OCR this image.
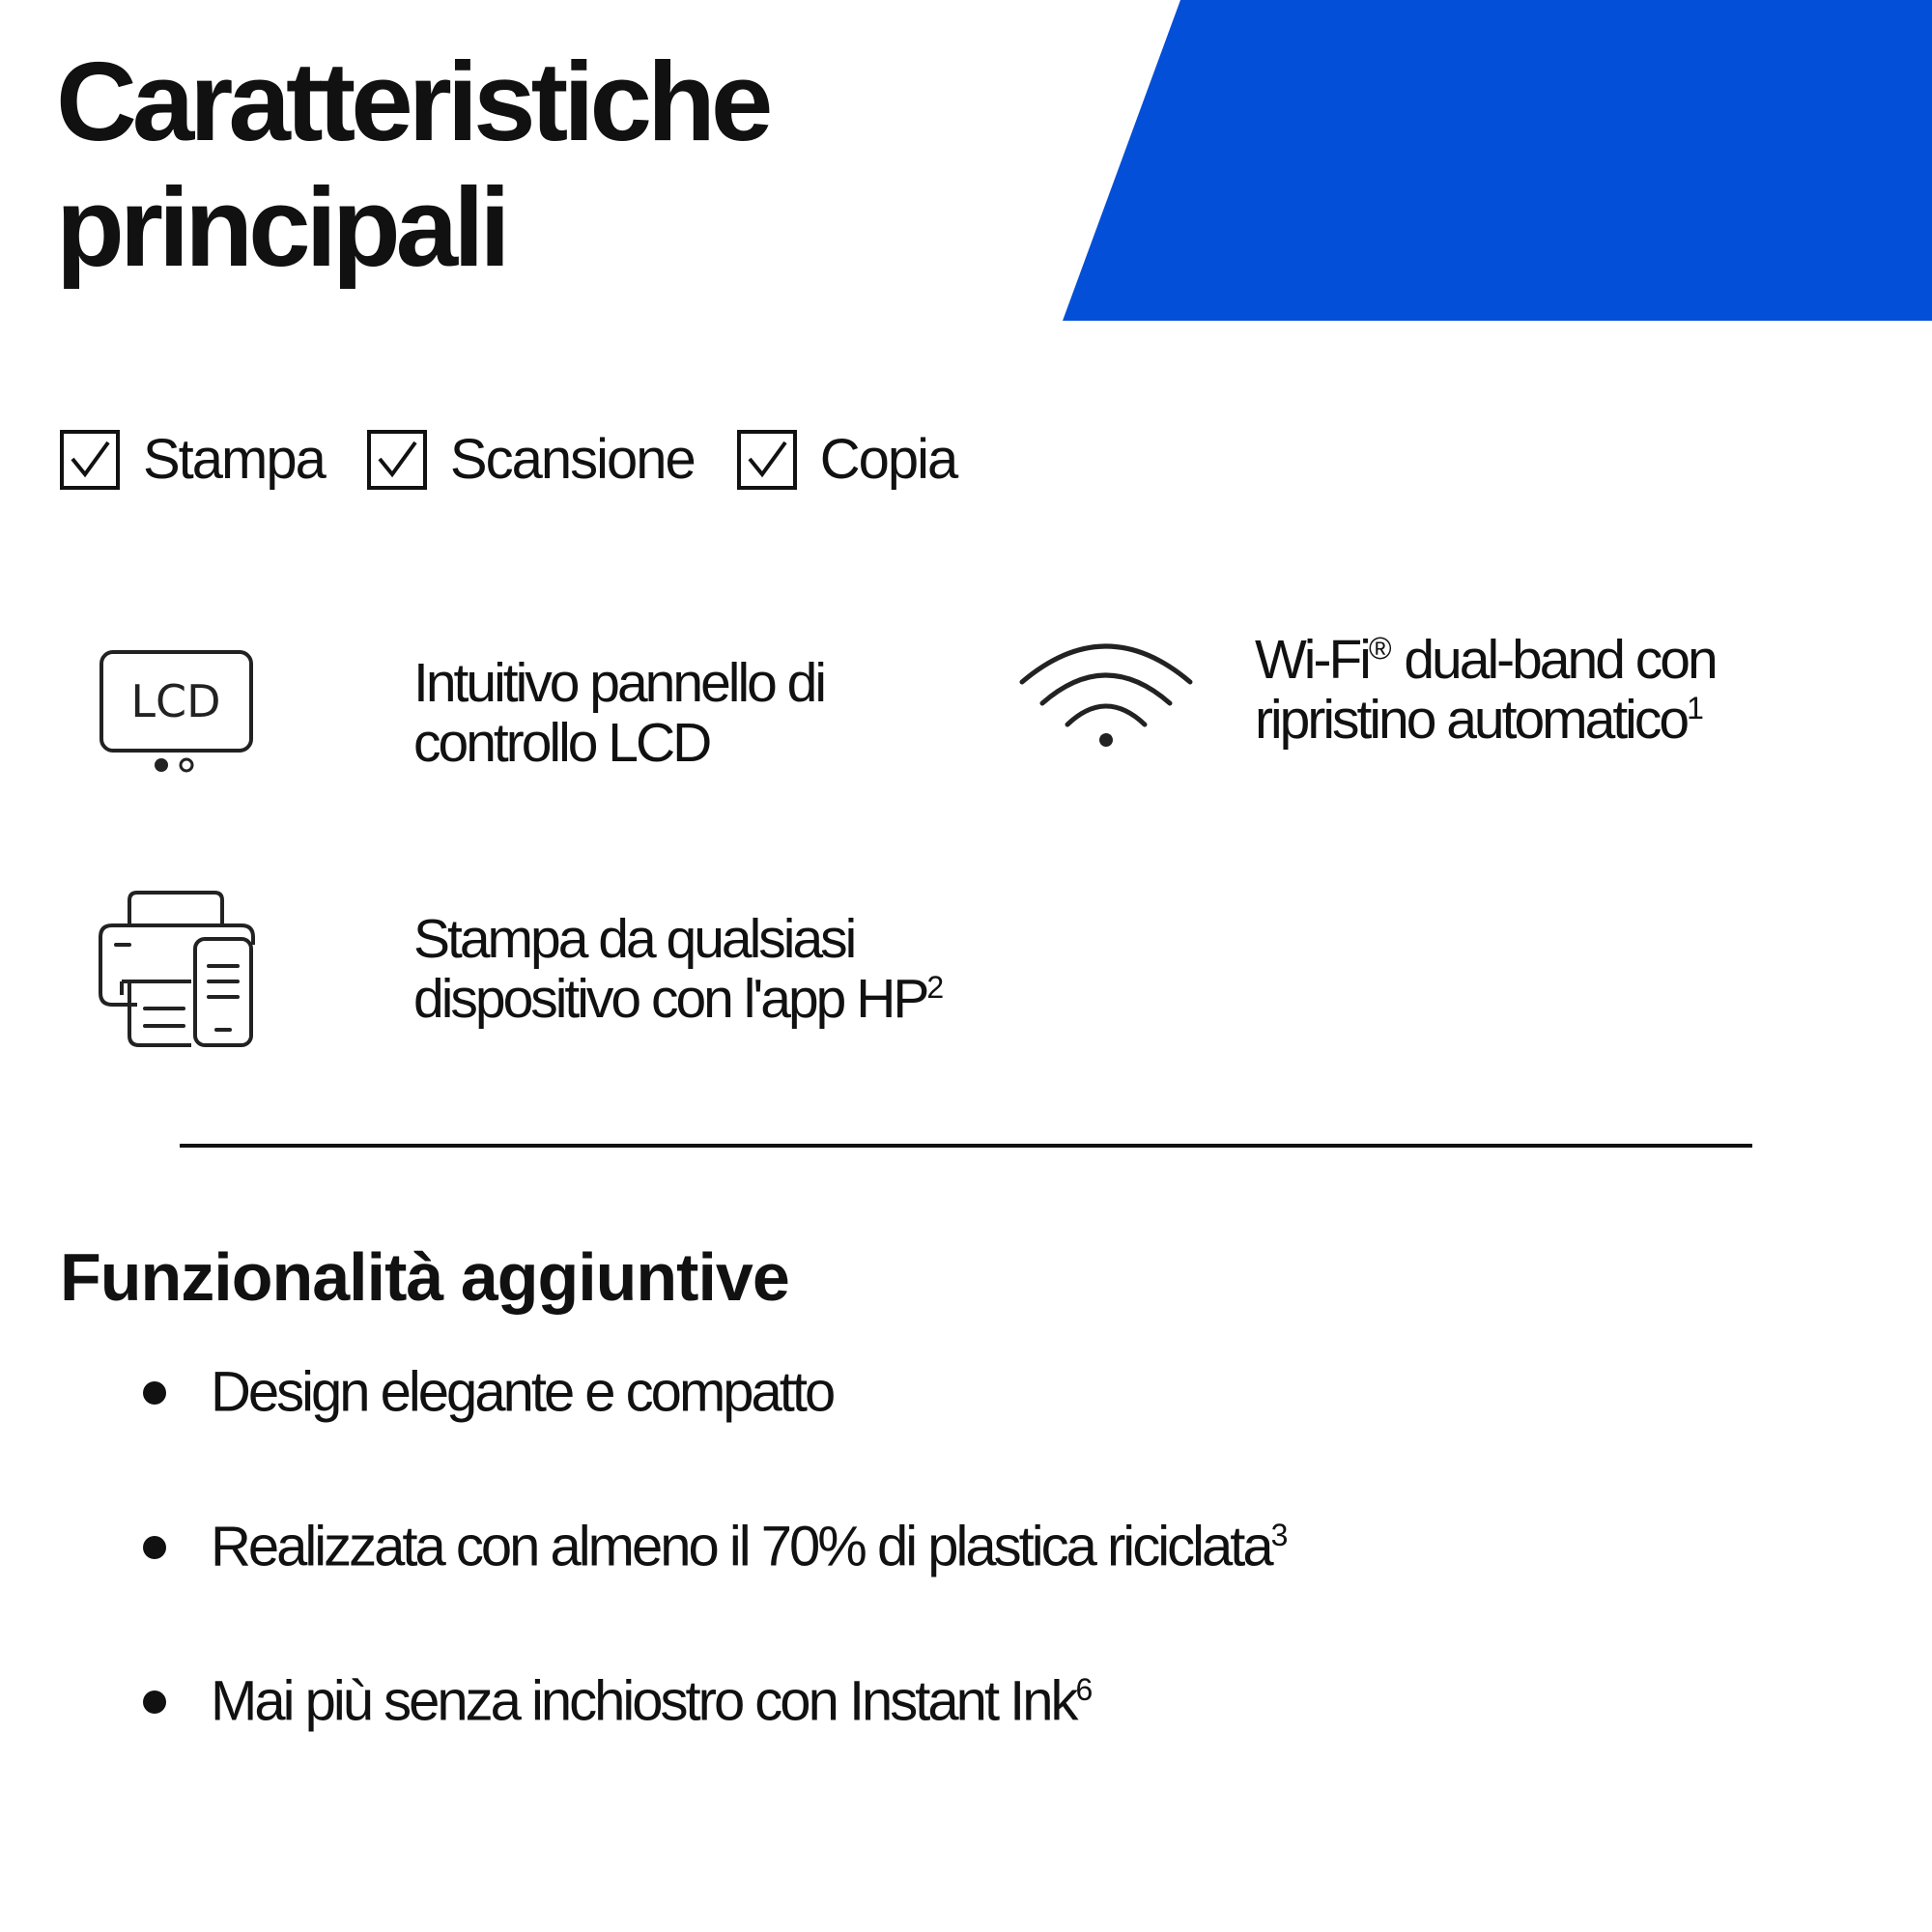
Caratteristiche
principali
Stampa Scansione Copia
LCD	Intuitivo pannello di
controllo LCD
Wi-Fi® dual-band con
ripristino automatico$^1$
Stampa da qualsiasi
dispositivo con l'app $HP^2$
Funzionalità aggiuntive
Design elegante e compatto
Realizzata con almeno il 70% di plastica riciclata$^3$
Mai più senza inchiostro con Instant Ink$^6$
